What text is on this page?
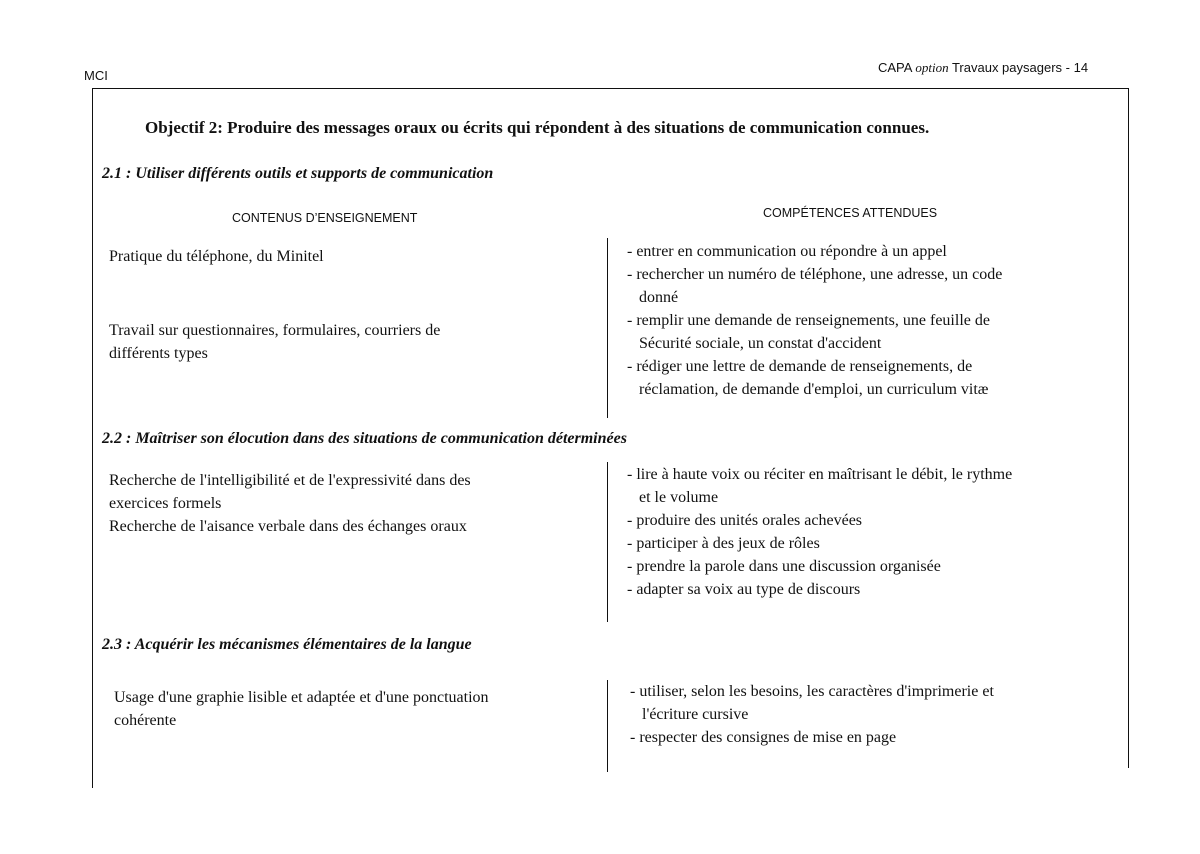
MCI
CAPA option Travaux paysagers - 14
Objectif 2: Produire des messages oraux ou écrits qui répondent à des situations de communication connues.
2.1 : Utiliser différents outils et supports de communication
CONTENUS D’ENSEIGNEMENT	COMPÉTENCES ATTENDUES
Pratique du téléphone, du Minitel
Travail sur questionnaires, formulaires, courriers de
différents types
- entrer en communication ou répondre à un appel
- rechercher un numéro de téléphone, une adresse, un code
donné
- remplir une demande de renseignements, une feuille de
Sécurité sociale, un constat d'accident
- rédiger une lettre de demande de renseignements, de
réclamation, de demande d'emploi, un curriculum vitæ
2.2 : Maîtriser son élocution dans des situations de communication déterminées
Recherche de l'intelligibilité et de l'expressivité dans des
exercices formels
Recherche de l'aisance verbale dans des échanges oraux
- lire à haute voix ou réciter en maîtrisant le débit, le rythme
et le volume
- produire des unités orales achevées
- participer à des jeux de rôles
- prendre la parole dans une discussion organisée
- adapter sa voix au type de discours
2.3 : Acquérir les mécanismes élémentaires de la langue
Usage d'une graphie lisible et adaptée et d'une ponctuation
cohérente
- utiliser, selon les besoins, les caractères d'imprimerie et
l'écriture cursive
- respecter des consignes de mise en page
